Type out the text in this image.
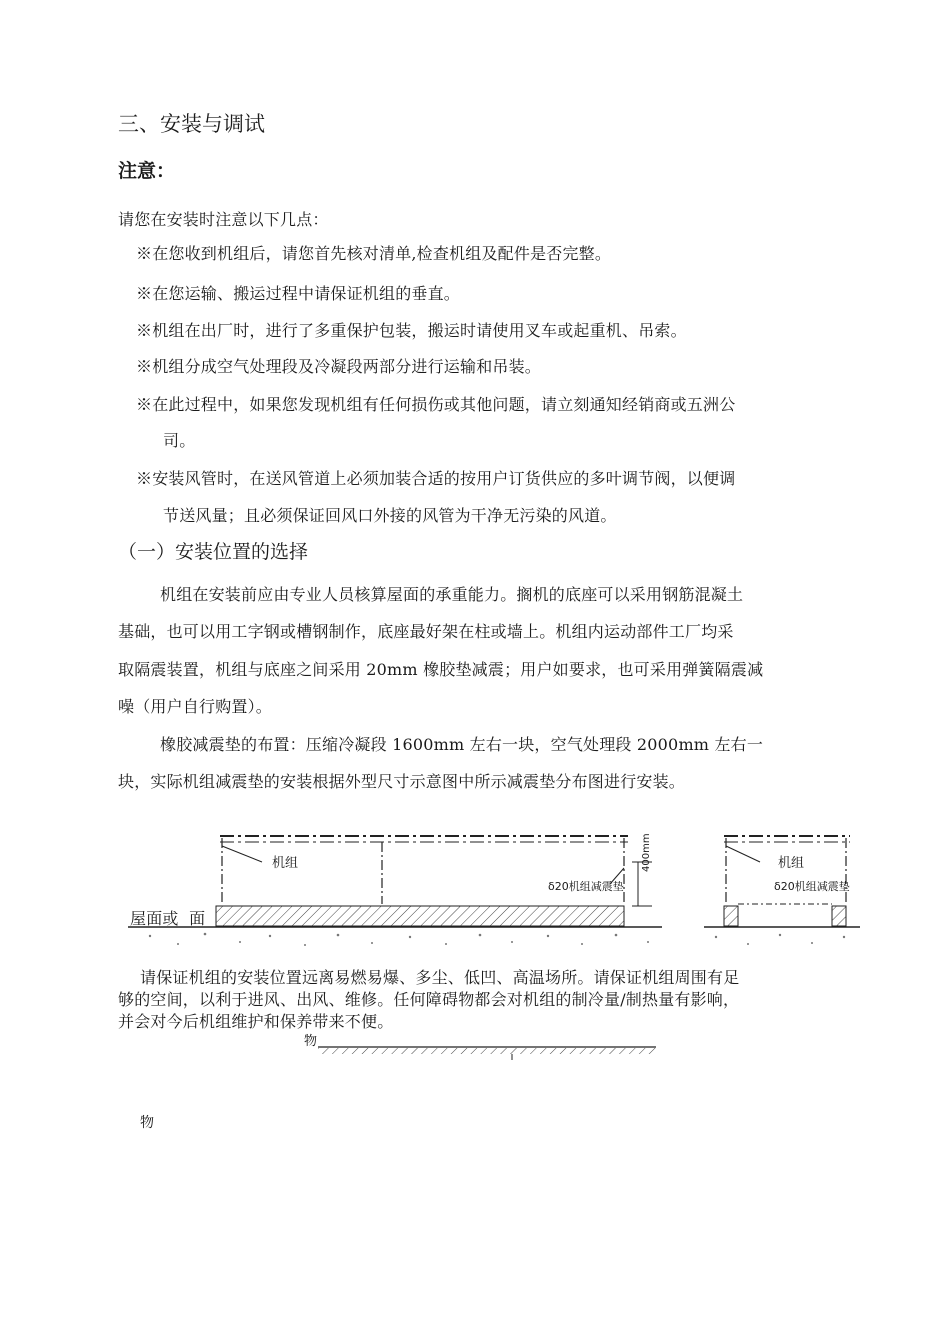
三、安装与调试
注意：
请您在安装时注意以下几点：
※在您收到机组后，请您首先核对清单,检查机组及配件是否完整。
※在您运输、搬运过程中请保证机组的垂直。
※机组在出厂时，进行了多重保护包装，搬运时请使用叉车或起重机、吊索。
※机组分成空气处理段及冷凝段两部分进行运输和吊装。
※在此过程中，如果您发现机组有任何损伤或其他问题，请立刻通知经销商或五洲公
司。
※安装风管时，在送风管道上必须加装合适的按用户订货供应的多叶调节阀，以便调
节送风量；且必须保证回风口外接的风管为干净无污染的风道。
（一）安装位置的选择
机组在安装前应由专业人员核算屋面的承重能力。搁机的底座可以采用钢筋混凝土
基础，也可以用工字钢或槽钢制作，底座最好架在柱或墙上。机组内运动部件工厂均采
取隔震装置，机组与底座之间采用 20mm 橡胶垫减震；用户如要求，也可采用弹簧隔震减
噪（用户自行购置）。
橡胶减震垫的布置：压缩冷凝段 1600mm 左右一块，空气处理段 2000mm 左右一
块，实际机组减震垫的安装根据外型尺寸示意图中所示减震垫分布图进行安装。
机组
δ20机组减震垫
400mm
屋面或  面
机组
δ20机组减震垫
请保证机组的安装位置远离易燃易爆、多尘、低凹、高温场所。请保证机组周围有足
够的空间，以利于进风、出风、维修。任何障碍物都会对机组的制冷量/制热量有影响，
并会对今后机组维护和保养带来不便。
物
物
